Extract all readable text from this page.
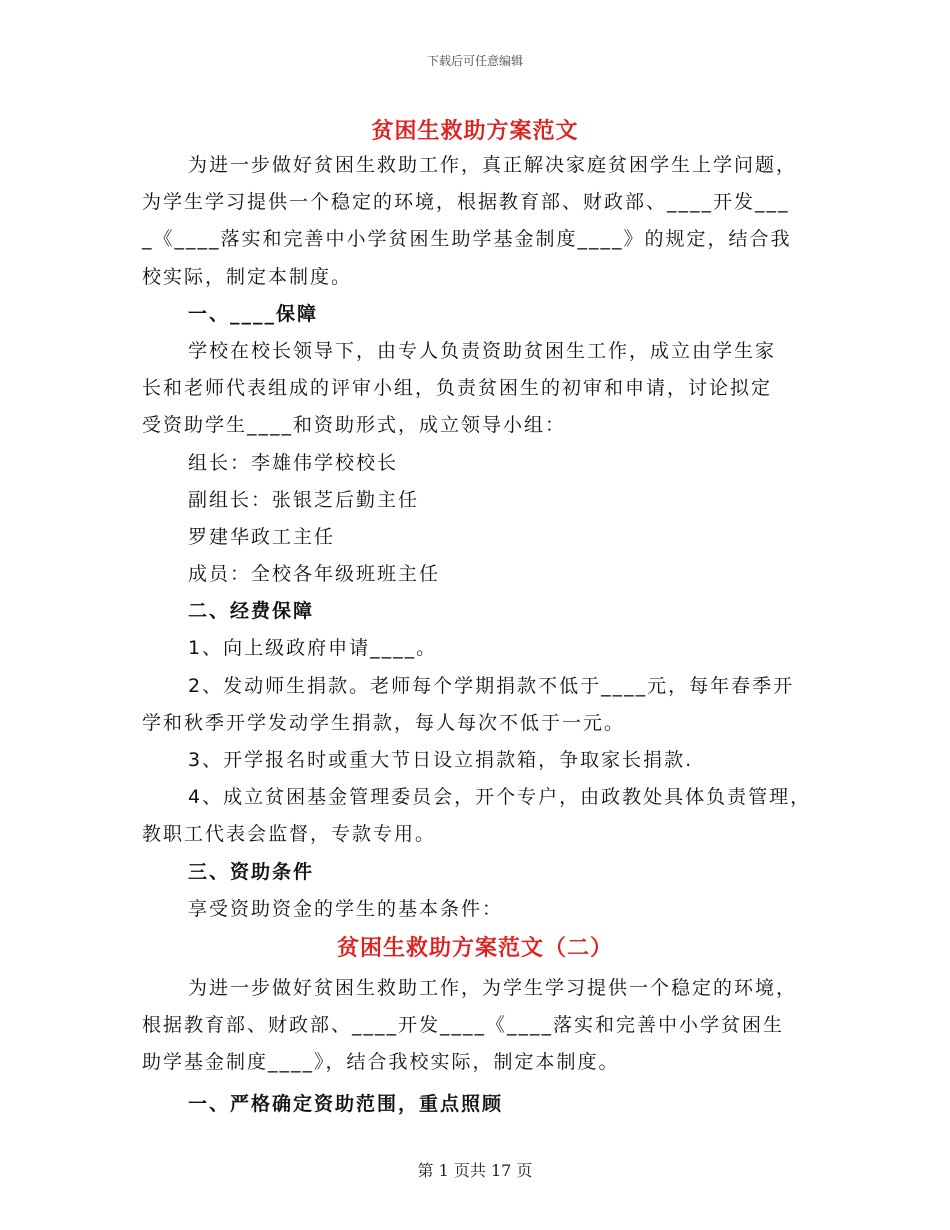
下载后可任意编辑
贫困生救助方案范文
为进一步做好贫困生救助工作，真正解决家庭贫困学生上学问题，
为学生学习提供一个稳定的环境，根据教育部、财政部、____开发___
_《____落实和完善中小学贫困生助学基金制度____》的规定，结合我
校实际，制定本制度。
一、____保障
学校在校长领导下，由专人负责资助贫困生工作，成立由学生家
长和老师代表组成的评审小组，负责贫困生的初审和申请，讨论拟定
受资助学生____和资助形式，成立领导小组：
组长：李雄伟学校校长
副组长：张银芝后勤主任
罗建华政工主任
成员：全校各年级班班主任
二、经费保障
1、向上级政府申请____。
2、发动师生捐款。老师每个学期捐款不低于____元，每年春季开
学和秋季开学发动学生捐款，每人每次不低于一元。
3、开学报名时或重大节日设立捐款箱，争取家长捐款.
4、成立贫困基金管理委员会，开个专户，由政教处具体负责管理，
教职工代表会监督，专款专用。
三、资助条件
享受资助资金的学生的基本条件：
贫困生救助方案范文（二）
为进一步做好贫困生救助工作，为学生学习提供一个稳定的环境，
根据教育部、财政部、____开发____《____落实和完善中小学贫困生
助学基金制度____》，结合我校实际，制定本制度。
一、严格确定资助范围，重点照顾
第 1 页共 17 页
